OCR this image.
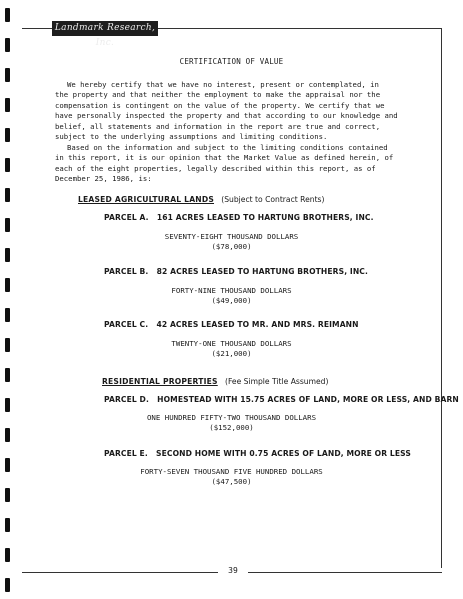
Landmark Research, Inc.
CERTIFICATION OF VALUE
We hereby certify that we have no interest, present or contemplated, in
the property and that neither the employment to make the appraisal nor the
compensation is contingent on the value of the property. We certify that we
have personally inspected the property and that according to our knowledge and
belief, all statements and information in the report are true and correct,
subject to the underlying assumptions and limiting conditions.
Based on the information and subject to the limiting conditions contained
in this report, it is our opinion that the Market Value as defined herein, of
each of the eight properties, legally described within this report, as of
December 25, 1986, is:
LEASED AGRICULTURAL LANDS (Subject to Contract Rents)
PARCEL A. 161 ACRES LEASED TO HARTUNG BROTHERS, INC.
SEVENTY-EIGHT THOUSAND DOLLARS
($78,000)
PARCEL B. 82 ACRES LEASED TO HARTUNG BROTHERS, INC.
FORTY-NINE THOUSAND DOLLARS
($49,000)
PARCEL C. 42 ACRES LEASED TO MR. AND MRS. REIMANN
TWENTY-ONE THOUSAND DOLLARS
($21,000)
RESIDENTIAL PROPERTIES (Fee Simple Title Assumed)
PARCEL D. HOMESTEAD WITH 15.75 ACRES OF LAND, MORE OR LESS, AND BARN
ONE HUNDRED FIFTY-TWO THOUSAND DOLLARS
($152,000)
PARCEL E. SECOND HOME WITH 0.75 ACRES OF LAND, MORE OR LESS
FORTY-SEVEN THOUSAND FIVE HUNDRED DOLLARS
($47,500)
39
